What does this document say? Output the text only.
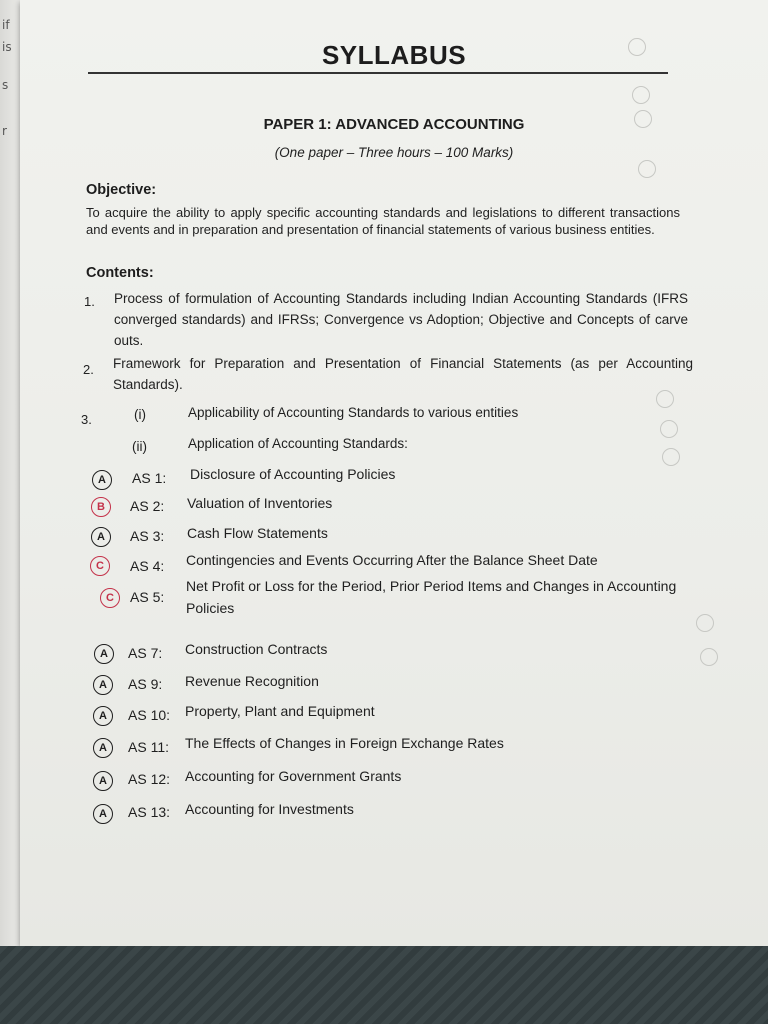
if
is
s
r
SYLLABUS
PAPER 1: ADVANCED ACCOUNTING
(One paper – Three hours – 100 Marks)
Objective:
To acquire the ability to apply specific accounting standards and legislations to different transactions and events and in preparation and presentation of financial statements of various business entities.
Contents:
1. Process of formulation of Accounting Standards including Indian Accounting Standards (IFRS converged standards) and IFRSs; Convergence vs Adoption; Objective and Concepts of carve outs.
2. Framework for Preparation and Presentation of Financial Statements (as per Accounting Standards).
3.	(i)	Applicability of Accounting Standards to various entities
(ii)	Application of Accounting Standards:
A	AS 1: Disclosure of Accounting Policies
B	AS 2: Valuation of Inventories
A	AS 3: Cash Flow Statements
C	AS 4: Contingencies and Events Occurring After the Balance Sheet Date
C	AS 5:
Net Profit or Loss for the Period, Prior Period Items and Changes in Accounting Policies
A	AS 7: Construction Contracts
A	AS 9: Revenue Recognition
A	AS 10: Property, Plant and Equipment
A	AS 11: The Effects of Changes in Foreign Exchange Rates
A	AS 12: Accounting for Government Grants
A	AS 13: Accounting for Investments
